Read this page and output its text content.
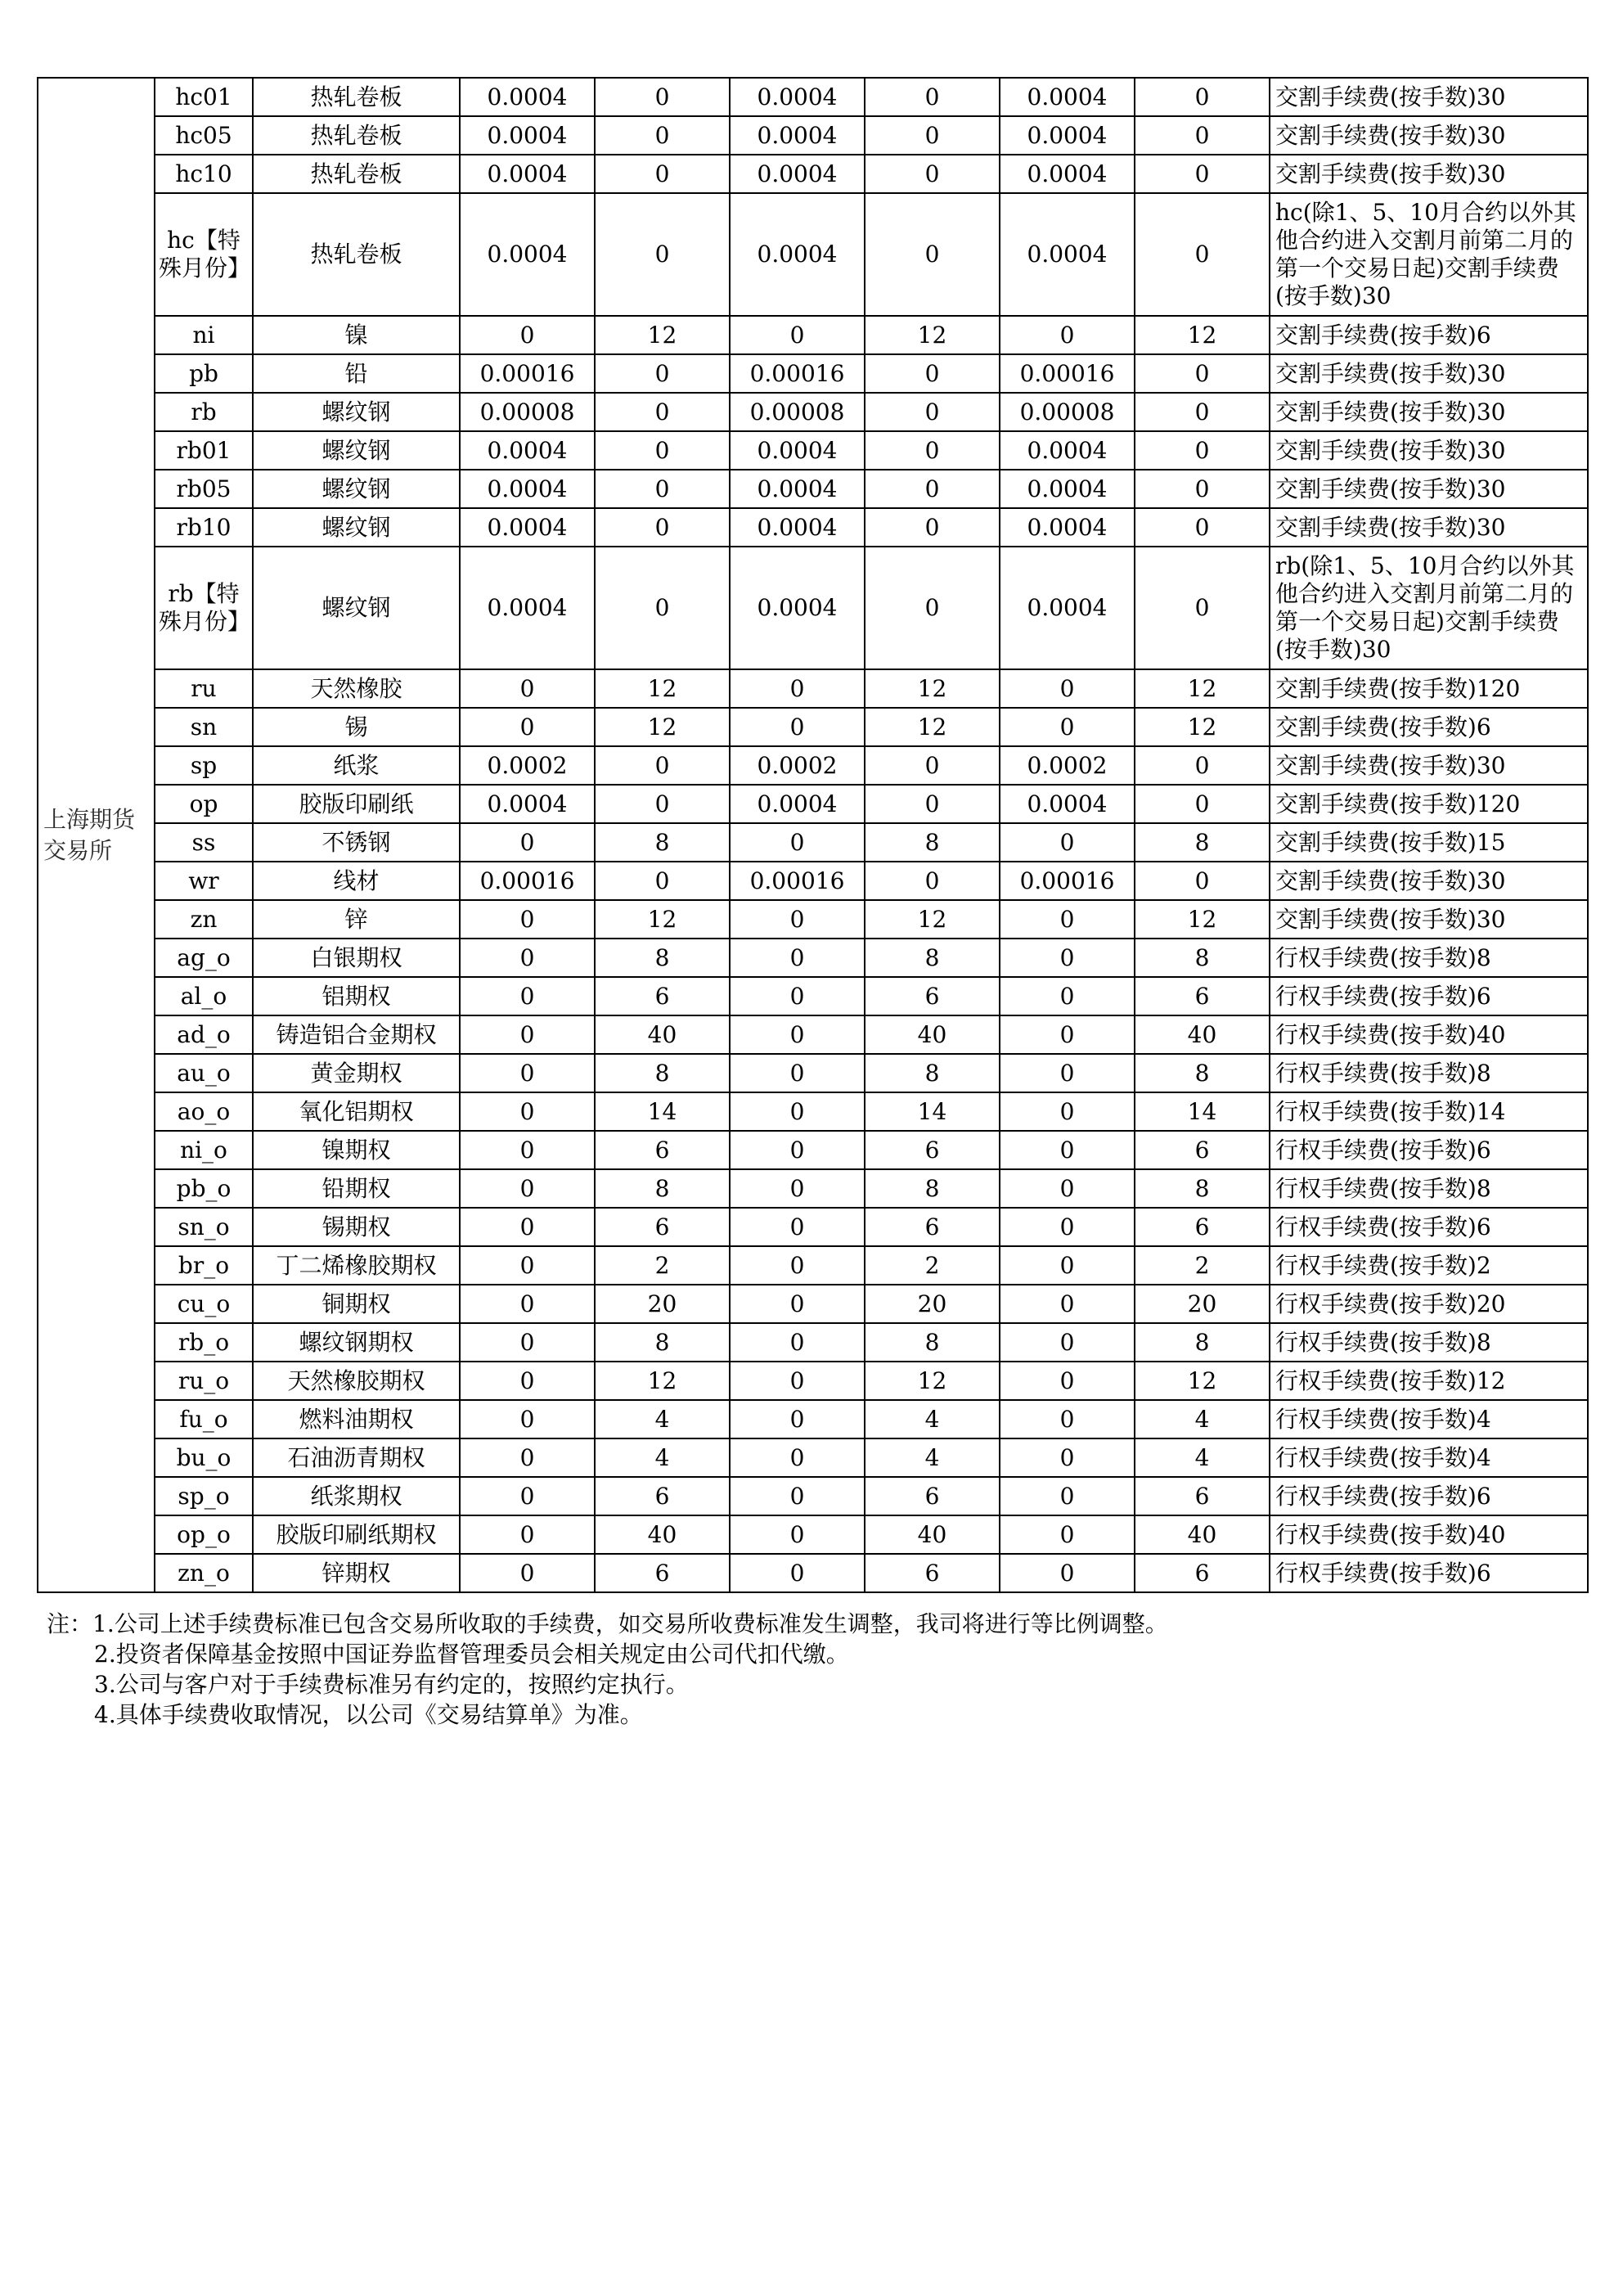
上海期货
交易所	hc01	热轧卷板	0.0004	0	0.0004	0	0.0004	0	交割手续费(按手数)30
	hc05	热轧卷板	0.0004	0	0.0004	0	0.0004	0	交割手续费(按手数)30
	hc10	热轧卷板	0.0004	0	0.0004	0	0.0004	0	交割手续费(按手数)30
	hc【特殊月份】	热轧卷板	0.0004	0	0.0004	0	0.0004	0	hc(除1、5、10月合约以外其他合约进入交割月前第二月的第一个交易日起)交割手续费(按手数)30
	ni	镍	0	12	0	12	0	12	交割手续费(按手数)6
	pb	铅	0.00016	0	0.00016	0	0.00016	0	交割手续费(按手数)30
	rb	螺纹钢	0.00008	0	0.00008	0	0.00008	0	交割手续费(按手数)30
	rb01	螺纹钢	0.0004	0	0.0004	0	0.0004	0	交割手续费(按手数)30
	rb05	螺纹钢	0.0004	0	0.0004	0	0.0004	0	交割手续费(按手数)30
	rb10	螺纹钢	0.0004	0	0.0004	0	0.0004	0	交割手续费(按手数)30
	rb【特殊月份】	螺纹钢	0.0004	0	0.0004	0	0.0004	0	rb(除1、5、10月合约以外其他合约进入交割月前第二月的第一个交易日起)交割手续费(按手数)30
	ru	天然橡胶	0	12	0	12	0	12	交割手续费(按手数)120
	sn	锡	0	12	0	12	0	12	交割手续费(按手数)6
	sp	纸浆	0.0002	0	0.0002	0	0.0002	0	交割手续费(按手数)30
	op	胶版印刷纸	0.0004	0	0.0004	0	0.0004	0	交割手续费(按手数)120
	ss	不锈钢	0	8	0	8	0	8	交割手续费(按手数)15
	wr	线材	0.00016	0	0.00016	0	0.00016	0	交割手续费(按手数)30
	zn	锌	0	12	0	12	0	12	交割手续费(按手数)30
	ag_o	白银期权	0	8	0	8	0	8	行权手续费(按手数)8
	al_o	铝期权	0	6	0	6	0	6	行权手续费(按手数)6
	ad_o	铸造铝合金期权	0	40	0	40	0	40	行权手续费(按手数)40
	au_o	黄金期权	0	8	0	8	0	8	行权手续费(按手数)8
	ao_o	氧化铝期权	0	14	0	14	0	14	行权手续费(按手数)14
	ni_o	镍期权	0	6	0	6	0	6	行权手续费(按手数)6
	pb_o	铅期权	0	8	0	8	0	8	行权手续费(按手数)8
	sn_o	锡期权	0	6	0	6	0	6	行权手续费(按手数)6
	br_o	丁二烯橡胶期权	0	2	0	2	0	2	行权手续费(按手数)2
	cu_o	铜期权	0	20	0	20	0	20	行权手续费(按手数)20
	rb_o	螺纹钢期权	0	8	0	8	0	8	行权手续费(按手数)8
	ru_o	天然橡胶期权	0	12	0	12	0	12	行权手续费(按手数)12
	fu_o	燃料油期权	0	4	0	4	0	4	行权手续费(按手数)4
	bu_o	石油沥青期权	0	4	0	4	0	4	行权手续费(按手数)4
	sp_o	纸浆期权	0	6	0	6	0	6	行权手续费(按手数)6
	op_o	胶版印刷纸期权	0	40	0	40	0	40	行权手续费(按手数)40
	zn_o	锌期权	0	6	0	6	0	6	行权手续费(按手数)6
注：1.公司上述手续费标准已包含交易所收取的手续费，如交易所收费标准发生调整，我司将进行等比例调整。
2.投资者保障基金按照中国证券监督管理委员会相关规定由公司代扣代缴。
3.公司与客户对于手续费标准另有约定的，按照约定执行。
4.具体手续费收取情况，以公司《交易结算单》为准。
